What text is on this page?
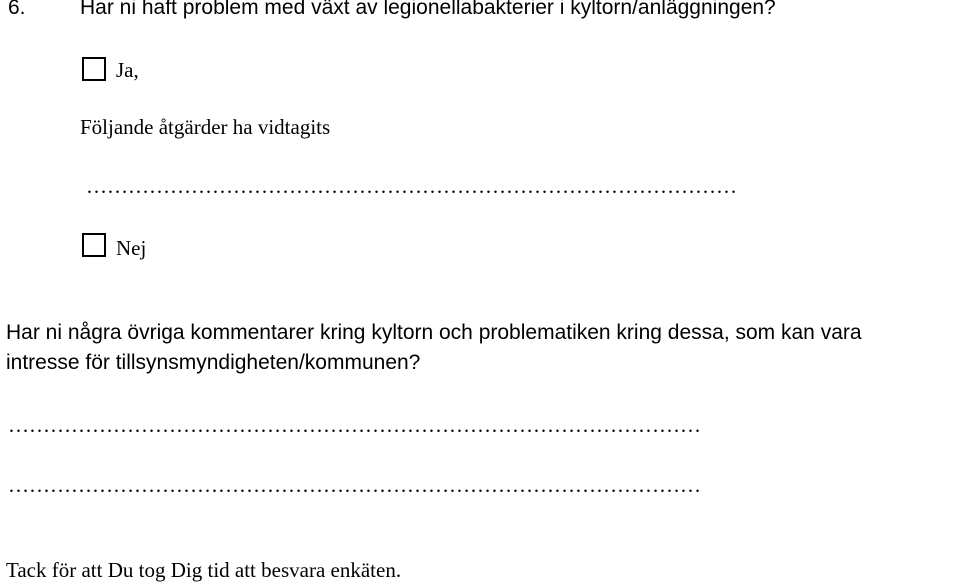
6.	Har ni haft problem med växt av legionellabakterier i kyltorn/anläggningen?
Ja,
Följande åtgärder ha vidtagits
…………………………………………………………………………………
Nej
Har ni några övriga kommentarer kring kyltorn och problematiken kring dessa, som kan vara
intresse för tillsynsmyndigheten/kommunen?
………………………………………………………………………………………
………………………………………………………………………………………
Tack för att Du tog Dig tid att besvara enkäten.
